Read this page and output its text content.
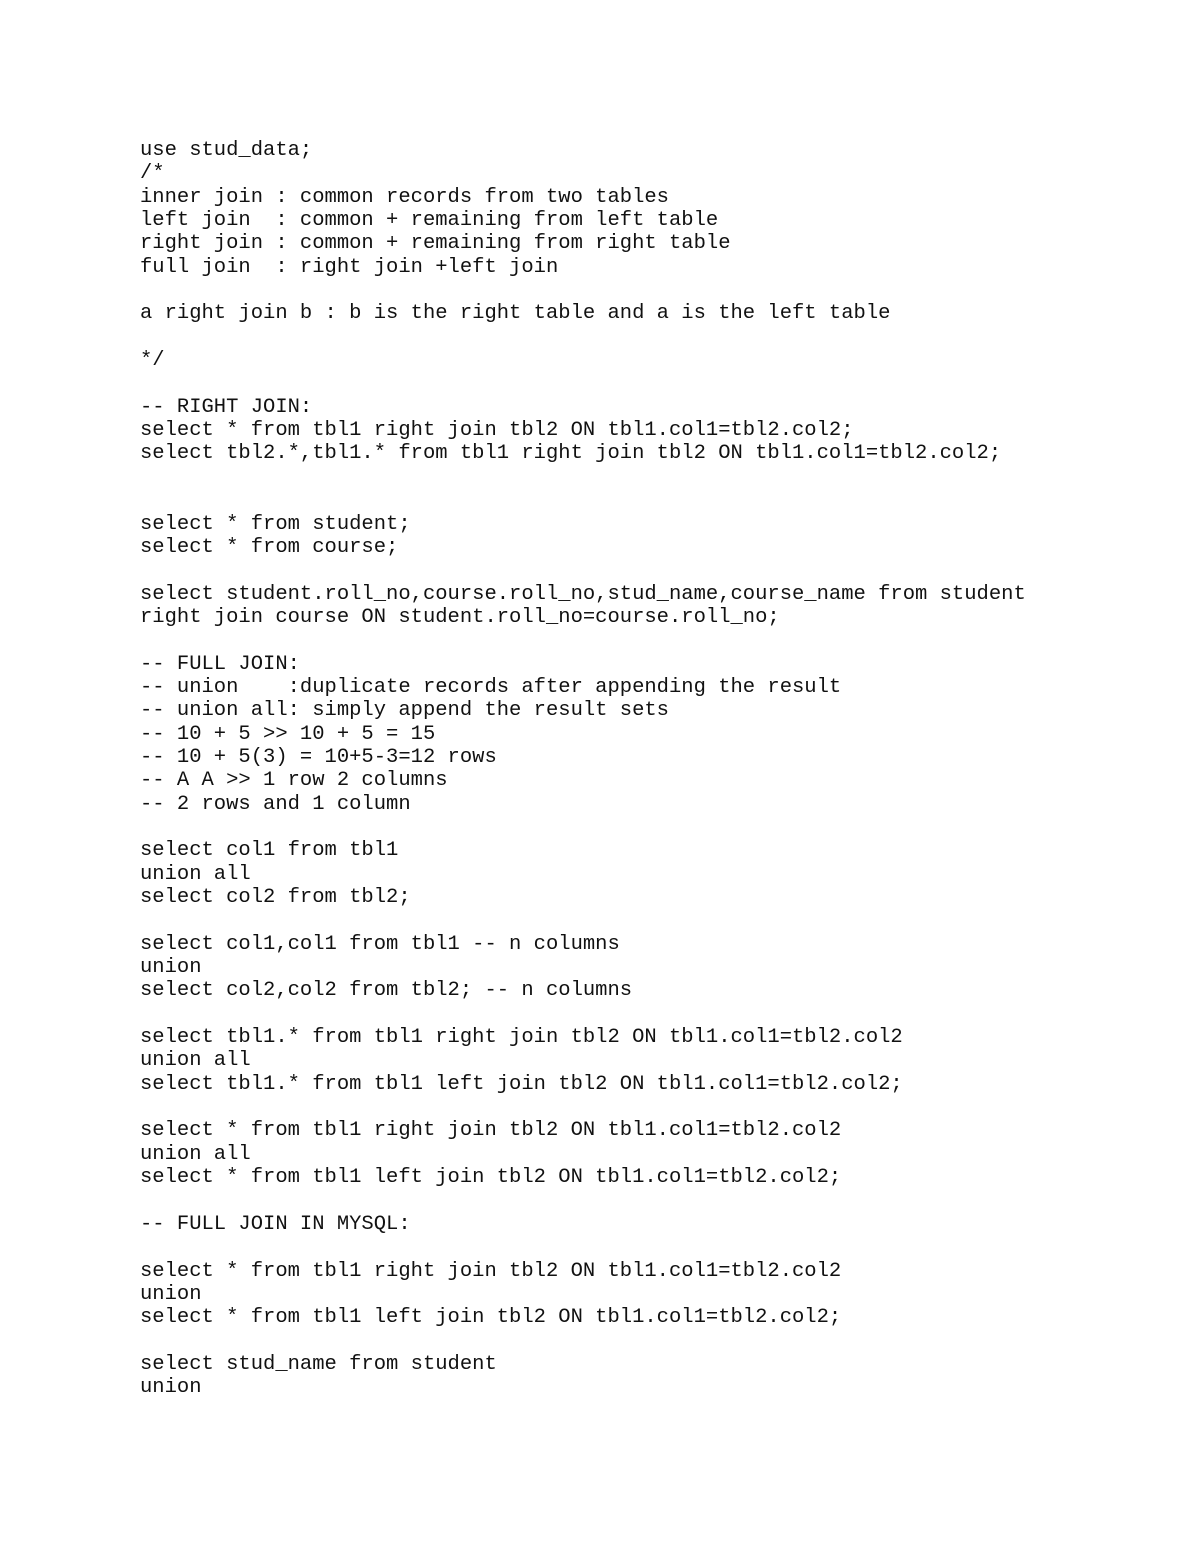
use stud_data;
/*
inner join : common records from two tables
left join  : common + remaining from left table
right join : common + remaining from right table
full join  : right join +left join
a right join b : b is the right table and a is the left table
*/
-- RIGHT JOIN:
select * from tbl1 right join tbl2 ON tbl1.col1=tbl2.col2;
select tbl2.*,tbl1.* from tbl1 right join tbl2 ON tbl1.col1=tbl2.col2;
select * from student;
select * from course;
select student.roll_no,course.roll_no,stud_name,course_name from student
right join course ON student.roll_no=course.roll_no;
-- FULL JOIN:
-- union    :duplicate records after appending the result
-- union all: simply append the result sets
-- 10 + 5 >> 10 + 5 = 15
-- 10 + 5(3) = 10+5-3=12 rows
-- A A >> 1 row 2 columns
-- 2 rows and 1 column
select col1 from tbl1
union all
select col2 from tbl2;
select col1,col1 from tbl1 -- n columns
union
select col2,col2 from tbl2; -- n columns
select tbl1.* from tbl1 right join tbl2 ON tbl1.col1=tbl2.col2
union all
select tbl1.* from tbl1 left join tbl2 ON tbl1.col1=tbl2.col2;
select * from tbl1 right join tbl2 ON tbl1.col1=tbl2.col2
union all
select * from tbl1 left join tbl2 ON tbl1.col1=tbl2.col2;
-- FULL JOIN IN MYSQL:
select * from tbl1 right join tbl2 ON tbl1.col1=tbl2.col2
union
select * from tbl1 left join tbl2 ON tbl1.col1=tbl2.col2;
select stud_name from student
union
